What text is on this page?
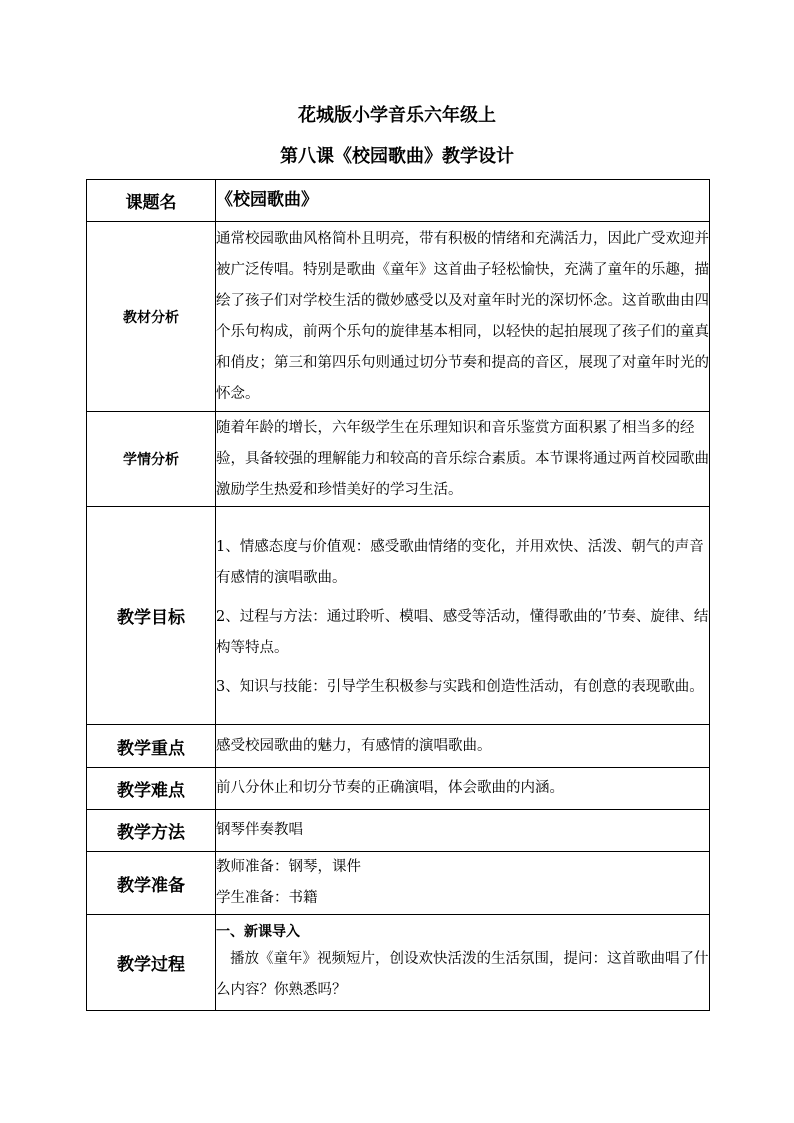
花城版小学音乐六年级上
第八课《校园歌曲》教学设计
课题名	《校园歌曲》

教材分析	通常校园歌曲风格简朴且明亮，带有积极的情绪和充满活力，因此广受欢迎并被广泛传唱。特别是歌曲《童年》这首曲子轻松愉快，充满了童年的乐趣，描绘了孩子们对学校生活的微妙感受以及对童年时光的深切怀念。这首歌曲由四个乐句构成，前两个乐句的旋律基本相同，以轻快的起拍展现了孩子们的童真和俏皮；第三和第四乐句则通过切分节奏和提高的音区，展现了对童年时光的怀念。

学情分析	随着年龄的增长，六年级学生在乐理知识和音乐鉴赏方面积累了相当多的经验，具备较强的理解能力和较高的音乐综合素质。本节课将通过两首校园歌曲激励学生热爱和珍惜美好的学习生活。

教学目标	1、情感态度与价值观：感受歌曲情绪的变化，并用欢快、活泼、朝气的声音有感情的演唱歌曲。

2、过程与方法：通过聆听、模唱、感受等活动，懂得歌曲的’节奏、旋律、结构等特点。

3、知识与技能：引导学生积极参与实践和创造性活动，有创意的表现歌曲。

教学重点	感受校园歌曲的魅力，有感情的演唱歌曲。

教学难点	前八分休止和切分节奏的正确演唱，体会歌曲的内涵。

教学方法	钢琴伴奏教唱

教学准备	教师准备：钢琴，课件

学生准备：书籍

教学过程	一、新课导入

播放《童年》视频短片，创设欢快活泼的生活氛围，提问：这首歌曲唱了什么内容？你熟悉吗？
